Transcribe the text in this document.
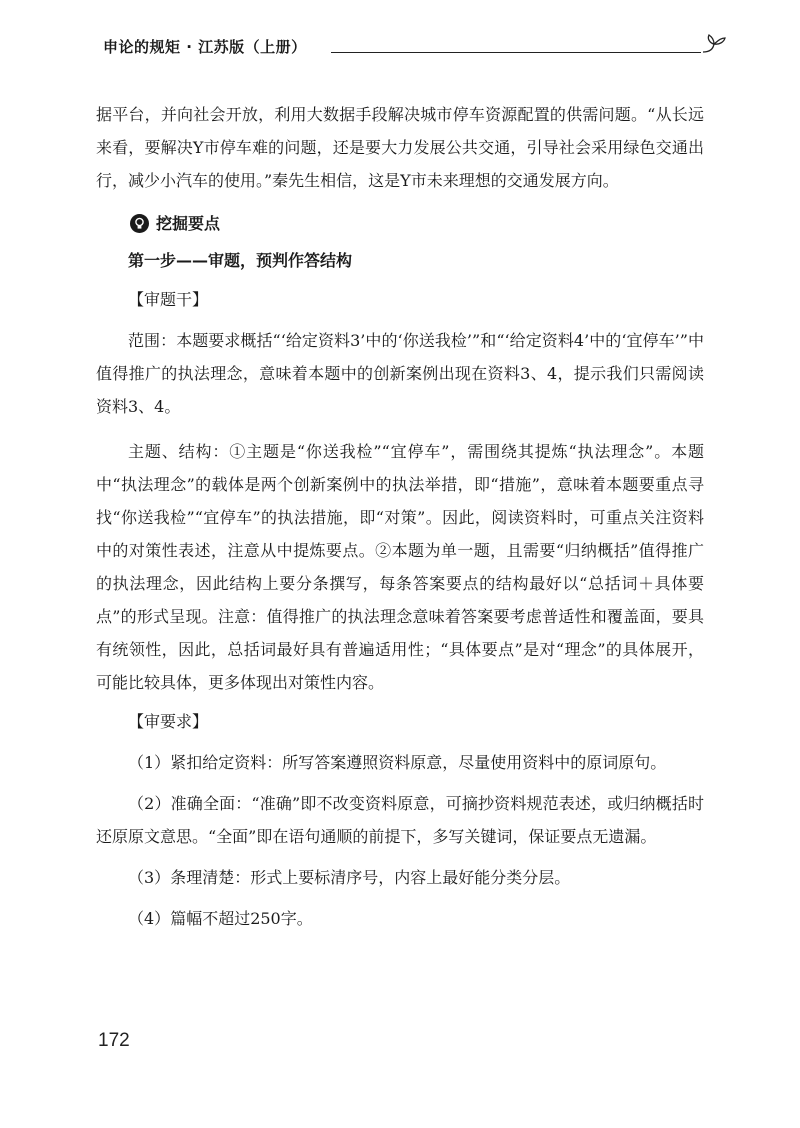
申论的规矩 · 江苏版（上册）

据平台，并向社会开放，利用大数据手段解决城市停车资源配置的供需问题。“从长远来看，要解决Y市停车难的问题，还是要大力发展公共交通，引导社会采用绿色交通出行，减少小汽车的使用。”秦先生相信，这是Y市未来理想的交通发展方向。

挖掘要点

第一步——审题，预判作答结构

【审题干】

范围：本题要求概括“‘给定资料3’中的‘你送我检’”和“‘给定资料4’中的‘宜停车’”中值得推广的执法理念，意味着本题中的创新案例出现在资料3、4，提示我们只需阅读资料3、4。

主题、结构：①主题是“你送我检”“宜停车”，需围绕其提炼“执法理念”。本题中“执法理念”的载体是两个创新案例中的执法举措，即“措施”，意味着本题要重点寻找“你送我检”“宜停车”的执法措施，即“对策”。因此，阅读资料时，可重点关注资料中的对策性表述，注意从中提炼要点。②本题为单一题，且需要“归纳概括”值得推广的执法理念，因此结构上要分条撰写，每条答案要点的结构最好以“总括词＋具体要点”的形式呈现。注意：值得推广的执法理念意味着答案要考虑普适性和覆盖面，要具有统领性，因此，总括词最好具有普遍适用性；“具体要点”是对“理念”的具体展开，可能比较具体，更多体现出对策性内容。

【审要求】

（1）紧扣给定资料：所写答案遵照资料原意，尽量使用资料中的原词原句。

（2）准确全面：“准确”即不改变资料原意，可摘抄资料规范表述，或归纳概括时还原原文意思。“全面”即在语句通顺的前提下，多写关键词，保证要点无遗漏。

（3）条理清楚：形式上要标清序号，内容上最好能分类分层。

（4）篇幅不超过250字。

172
